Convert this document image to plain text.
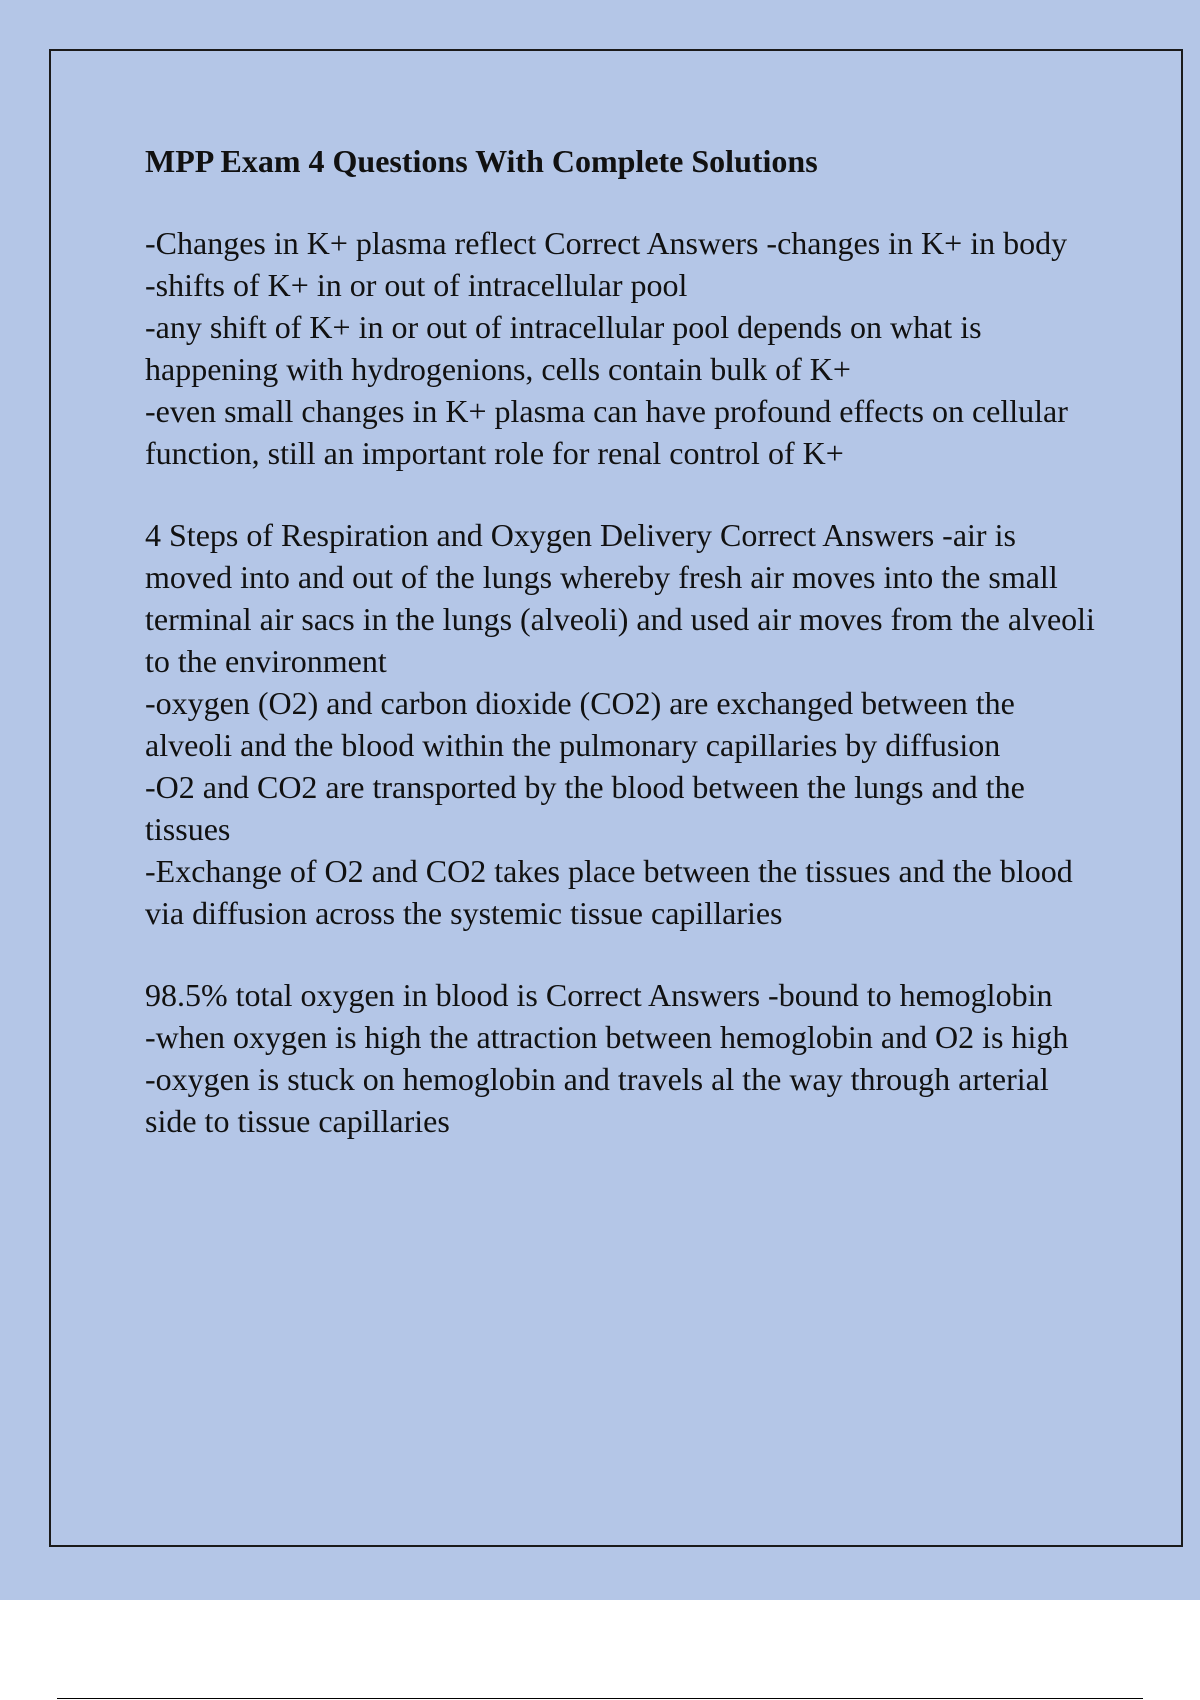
MPP Exam 4 Questions With Complete Solutions

-Changes in K+ plasma reflect Correct Answers -changes in K+ in body

-shifts of K+ in or out of intracellular pool

-any shift of K+ in or out of intracellular pool depends on what is happening with hydrogenions, cells contain bulk of K+

-even small changes in K+ plasma can have profound effects on cellular function, still an important role for renal control of K+

4 Steps of Respiration and Oxygen Delivery Correct Answers -air is moved into and out of the lungs whereby fresh air moves into the small terminal air sacs in the lungs (alveoli) and used air moves from the alveoli to the environment

-oxygen (O2) and carbon dioxide (CO2) are exchanged between the alveoli and the blood within the pulmonary capillaries by diffusion

-O2 and CO2 are transported by the blood between the lungs and the tissues

-Exchange of O2 and CO2 takes place between the tissues and the blood via diffusion across the systemic tissue capillaries

98.5% total oxygen in blood is Correct Answers -bound to hemoglobin

-when oxygen is high the attraction between hemoglobin and O2 is high

-oxygen is stuck on hemoglobin and travels al the way through arterial side to tissue capillaries
